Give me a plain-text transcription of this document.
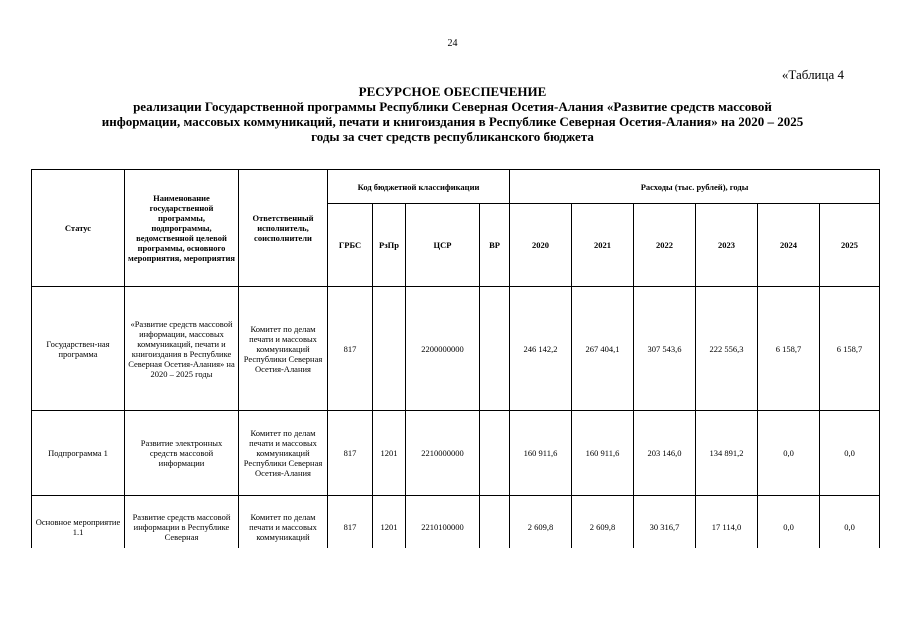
24
«Таблица 4
РЕСУРСНОЕ ОБЕСПЕЧЕНИЕ
реализации Государственной программы Республики Северная Осетия-Алания «Развитие средств массовой
информации, массовых коммуникаций, печати и книгоиздания в Республике Северная Осетия-Алания» на 2020 – 2025
годы за счет средств республиканского бюджета
Статус	Наименование государственной программы, подпрограммы, ведомственной целевой программы, основного мероприятия, мероприятия	Ответственный исполнитель, соисполнители	Код бюджетной классификации				Расходы (тыс. рублей), годы					
			ГРБС	РзПр	ЦСР	ВР	2020	2021	2022	2023	2024	2025
Государствен-ная программа	«Развитие средств массовой информации, массовых коммуникаций, печати и книгоиздания в Республике Северная Осетия-Алания» на 2020 – 2025 годы	Комитет по делам печати и массовых коммуникаций Республики Северная Осетия-Алания	817		2200000000		246 142,2	267 404,1	307 543,6	222 556,3	6 158,7	6 158,7
Подпрограмма 1	Развитие электронных средств массовой информации	Комитет по делам печати и массовых коммуникаций Республики Северная Осетия-Алания	817	1201	2210000000		160 911,6	160 911,6	203 146,0	134 891,2	0,0	0,0
Основное мероприятие 1.1	Развитие средств массовой информации в Республике Северная	Комитет по делам печати и массовых коммуникаций	817	1201	2210100000		2 609,8	2 609,8	30 316,7	17 114,0	0,0	0,0
